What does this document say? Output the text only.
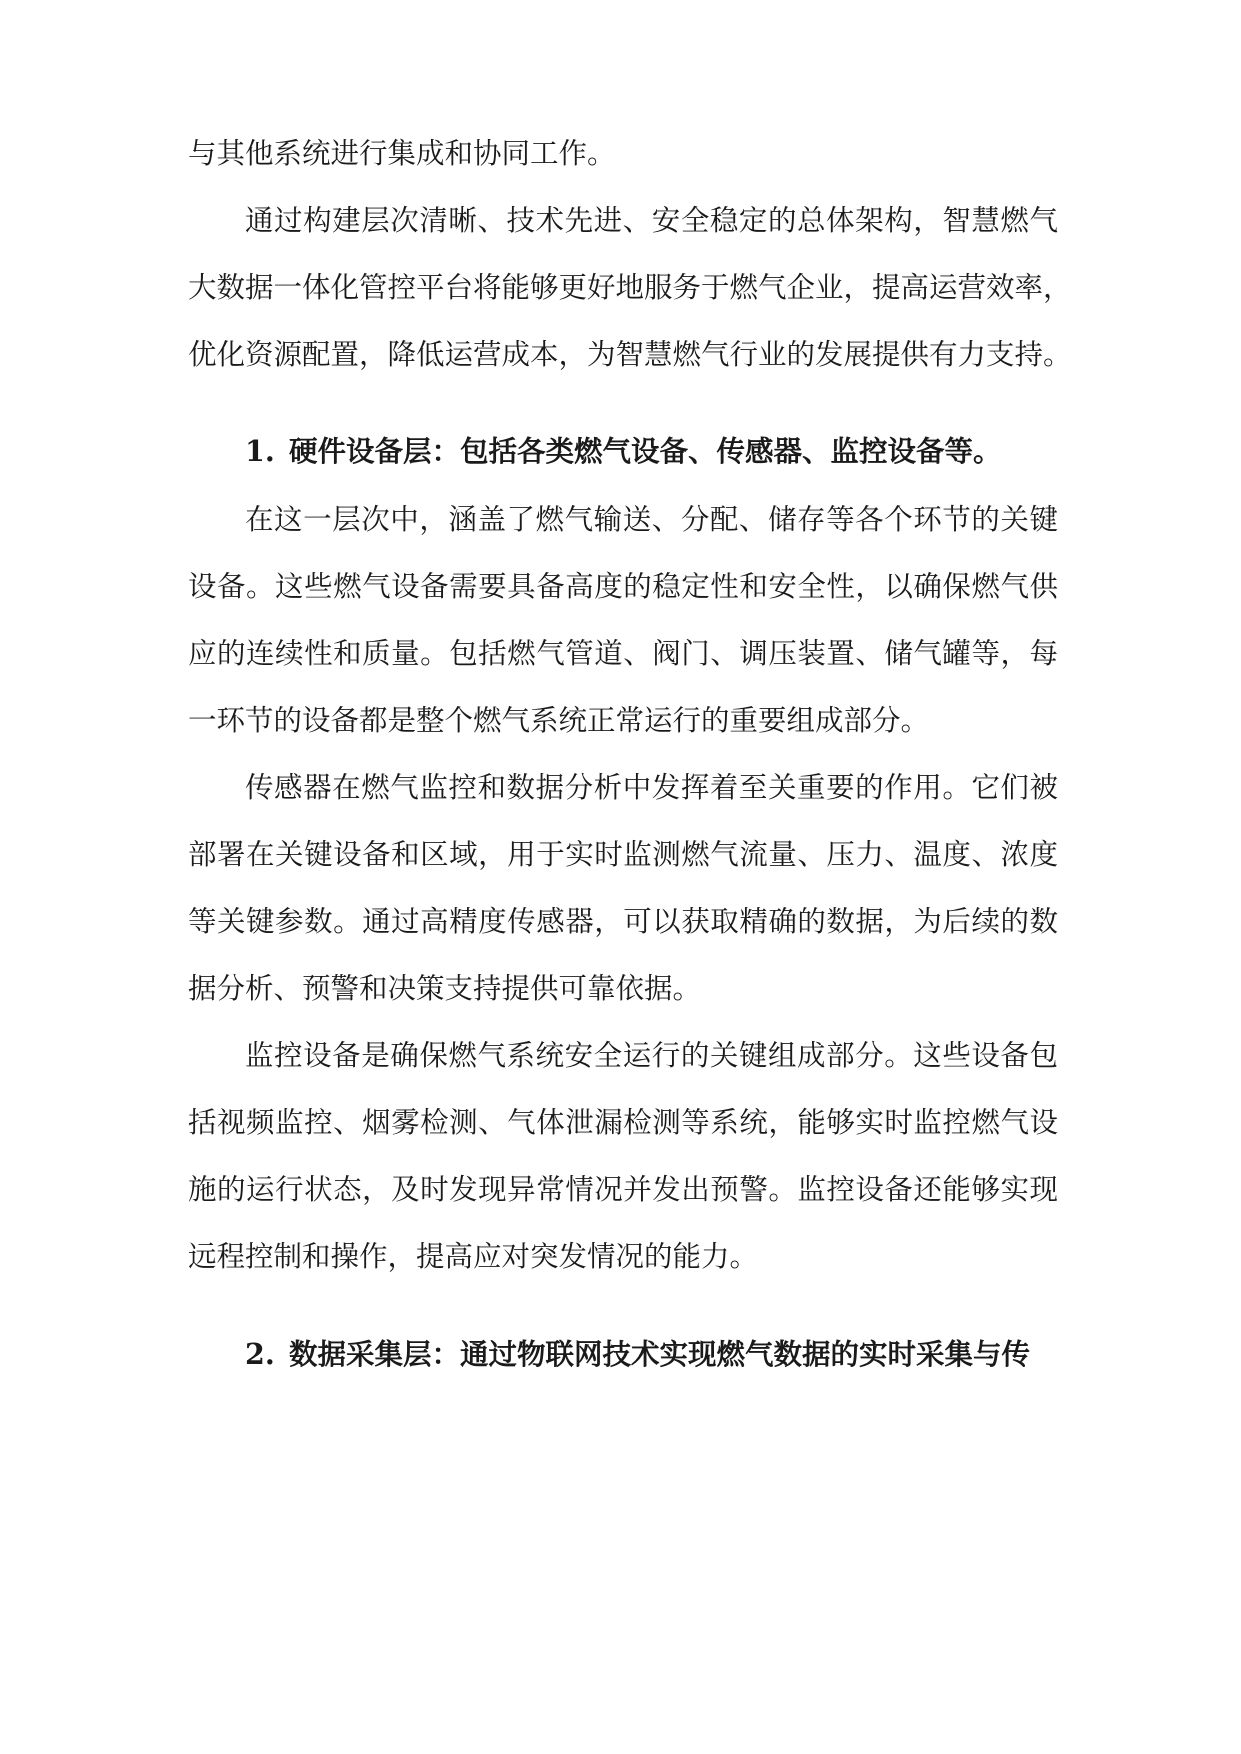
与其他系统进行集成和协同工作。
通过构建层次清晰、技术先进、安全稳定的总体架构，智慧燃气
大数据一体化管控平台将能够更好地服务于燃气企业，提高运营效率，
优化资源配置，降低运营成本，为智慧燃气行业的发展提供有力支持。
1. 硬件设备层：包括各类燃气设备、传感器、监控设备等。
在这一层次中，涵盖了燃气输送、分配、储存等各个环节的关键
设备。这些燃气设备需要具备高度的稳定性和安全性，以确保燃气供
应的连续性和质量。包括燃气管道、阀门、调压装置、储气罐等，每
一环节的设备都是整个燃气系统正常运行的重要组成部分。
传感器在燃气监控和数据分析中发挥着至关重要的作用。它们被
部署在关键设备和区域，用于实时监测燃气流量、压力、温度、浓度
等关键参数。通过高精度传感器，可以获取精确的数据，为后续的数
据分析、预警和决策支持提供可靠依据。
监控设备是确保燃气系统安全运行的关键组成部分。这些设备包
括视频监控、烟雾检测、气体泄漏检测等系统，能够实时监控燃气设
施的运行状态，及时发现异常情况并发出预警。监控设备还能够实现
远程控制和操作，提高应对突发情况的能力。
2. 数据采集层：通过物联网技术实现燃气数据的实时采集与传
